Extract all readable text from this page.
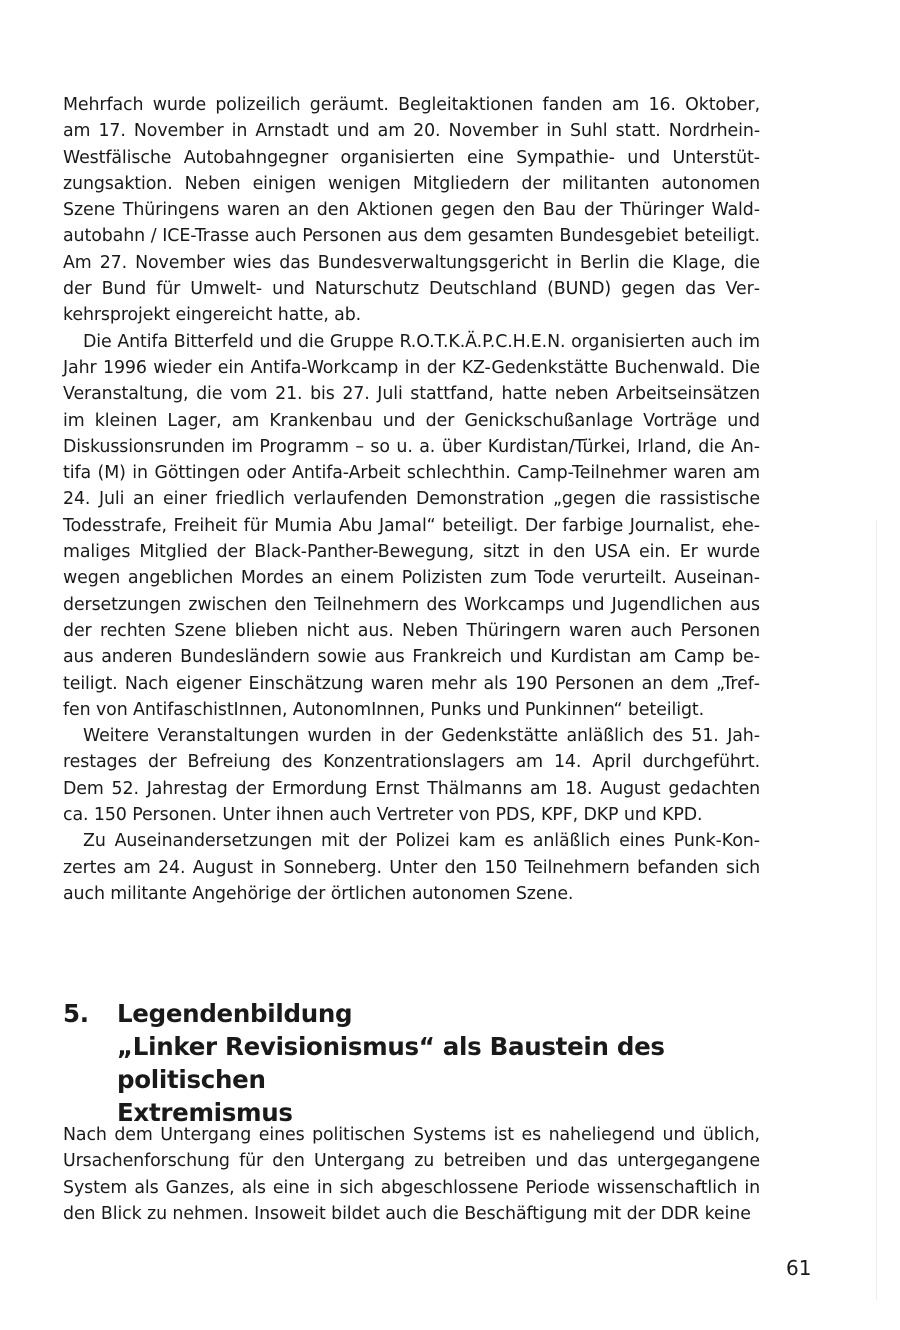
Mehrfach wurde polizeilich geräumt. Begleitaktionen fanden am 16. Oktober, am 17. November in Arnstadt und am 20. November in Suhl statt. Nordrhein-Westfälische Autobahngegner organisierten eine Sympathie- und Unterstützungsaktion. Neben einigen wenigen Mitgliedern der militanten autonomen Szene Thüringens waren an den Aktionen gegen den Bau der Thüringer Waldautobahn / ICE-Trasse auch Personen aus dem gesamten Bundesgebiet beteiligt. Am 27. November wies das Bundesverwaltungsgericht in Berlin die Klage, die der Bund für Umwelt- und Naturschutz Deutschland (BUND) gegen das Verkehrsprojekt eingereicht hatte, ab.

Die Antifa Bitterfeld und die Gruppe R.O.T.K.Ä.P.C.H.E.N. organisierten auch im Jahr 1996 wieder ein Antifa-Workcamp in der KZ-Gedenkstätte Buchenwald. Die Veranstaltung, die vom 21. bis 27. Juli stattfand, hatte neben Arbeitseinsätzen im kleinen Lager, am Krankenbau und der Genickschußanlage Vorträge und Diskussionsrunden im Programm – so u. a. über Kurdistan/Türkei, Irland, die Antifa (M) in Göttingen oder Antifa-Arbeit schlechthin. Camp-Teilnehmer waren am 24. Juli an einer friedlich verlaufenden Demonstration „gegen die rassistische Todesstrafe, Freiheit für Mumia Abu Jamal“ beteiligt. Der farbige Journalist, ehemaliges Mitglied der Black-Panther-Bewegung, sitzt in den USA ein. Er wurde wegen angeblichen Mordes an einem Polizisten zum Tode verurteilt. Auseinandersetzungen zwischen den Teilnehmern des Workcamps und Jugendlichen aus der rechten Szene blieben nicht aus. Neben Thüringern waren auch Personen aus anderen Bundesländern sowie aus Frankreich und Kurdistan am Camp beteiligt. Nach eigener Einschätzung waren mehr als 190 Personen an dem „Treffen von AntifaschistInnen, AutonomInnen, Punks und Punkinnen“ beteiligt.

Weitere Veranstaltungen wurden in der Gedenkstätte anläßlich des 51. Jahrestages der Befreiung des Konzentrationslagers am 14. April durchgeführt. Dem 52. Jahrestag der Ermordung Ernst Thälmanns am 18. August gedachten ca. 150 Personen. Unter ihnen auch Vertreter von PDS, KPF, DKP und KPD.

Zu Auseinandersetzungen mit der Polizei kam es anläßlich eines Punk-Konzertes am 24. August in Sonneberg. Unter den 150 Teilnehmern befanden sich auch militante Angehörige der örtlichen autonomen Szene.

5. Legendenbildung
„Linker Revisionismus“ als Baustein des politischen
Extremismus

Nach dem Untergang eines politischen Systems ist es naheliegend und üblich, Ursachenforschung für den Untergang zu betreiben und das untergegangene System als Ganzes, als eine in sich abgeschlossene Periode wissenschaftlich in den Blick zu nehmen. Insoweit bildet auch die Beschäftigung mit der DDR keine

61
